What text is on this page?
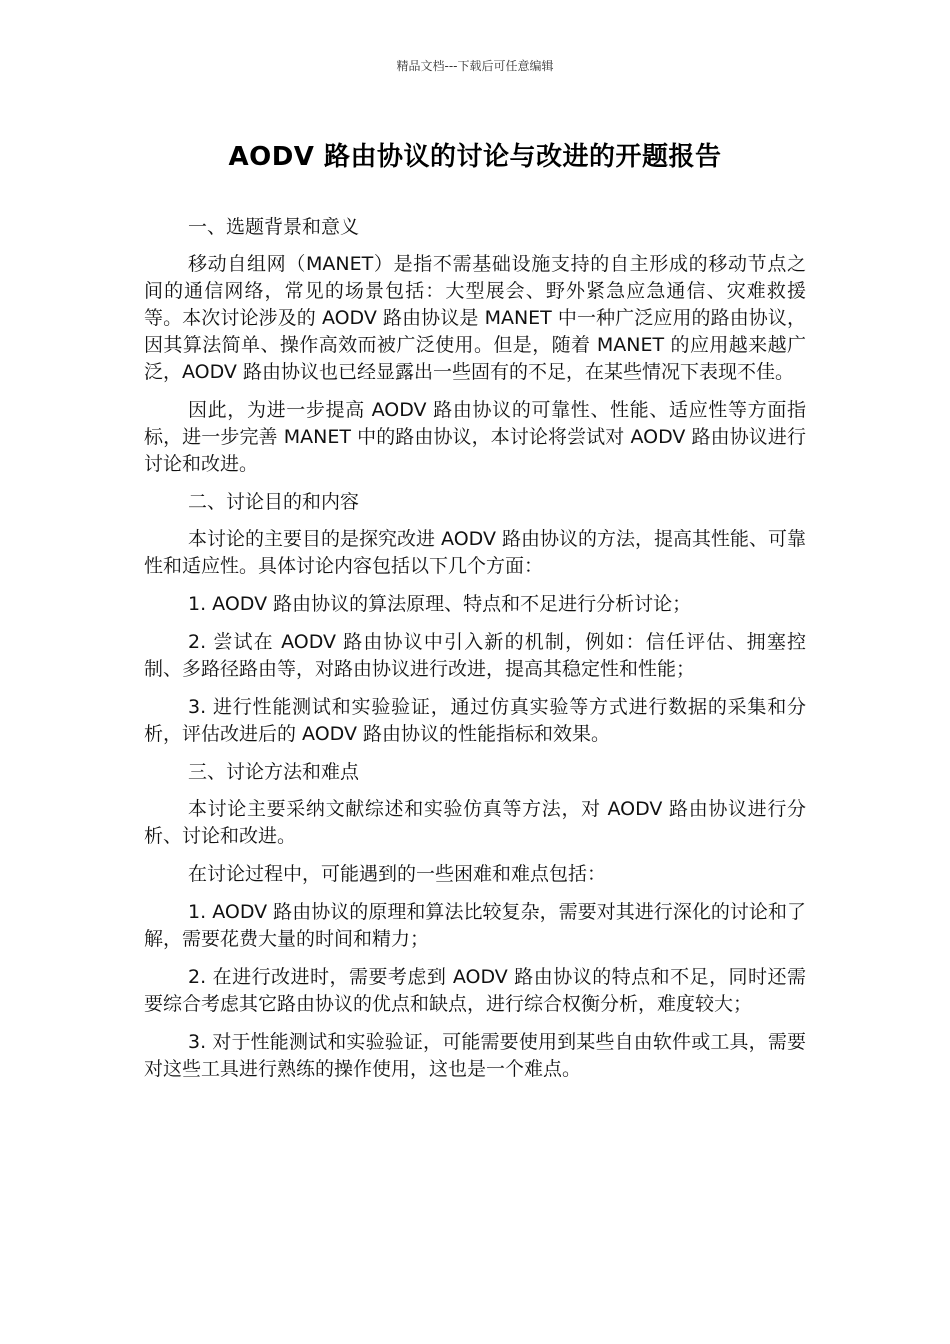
精品文档---下载后可任意编辑
AODV 路由协议的讨论与改进的开题报告

一、选题背景和意义

移动自组网（MANET）是指不需基础设施支持的自主形成的移动节点之间的通信网络，常见的场景包括：大型展会、野外紧急应急通信、灾难救援等。本次讨论涉及的 AODV 路由协议是 MANET 中一种广泛应用的路由协议，因其算法简单、操作高效而被广泛使用。但是，随着 MANET 的应用越来越广泛，AODV 路由协议也已经显露出一些固有的不足，在某些情况下表现不佳。

因此，为进一步提高 AODV 路由协议的可靠性、性能、适应性等方面指标，进一步完善 MANET 中的路由协议，本讨论将尝试对 AODV 路由协议进行讨论和改进。

二、讨论目的和内容

本讨论的主要目的是探究改进 AODV 路由协议的方法，提高其性能、可靠性和适应性。具体讨论内容包括以下几个方面：

1. AODV 路由协议的算法原理、特点和不足进行分析讨论；

2. 尝试在 AODV 路由协议中引入新的机制，例如：信任评估、拥塞控制、多路径路由等，对路由协议进行改进，提高其稳定性和性能；

3. 进行性能测试和实验验证，通过仿真实验等方式进行数据的采集和分析，评估改进后的 AODV 路由协议的性能指标和效果。

三、讨论方法和难点

本讨论主要采纳文献综述和实验仿真等方法，对 AODV 路由协议进行分析、讨论和改进。

在讨论过程中，可能遇到的一些困难和难点包括：

1. AODV 路由协议的原理和算法比较复杂，需要对其进行深化的讨论和了解，需要花费大量的时间和精力；

2. 在进行改进时，需要考虑到 AODV 路由协议的特点和不足，同时还需要综合考虑其它路由协议的优点和缺点，进行综合权衡分析，难度较大；

3. 对于性能测试和实验验证，可能需要使用到某些自由软件或工具，需要对这些工具进行熟练的操作使用，这也是一个难点。
